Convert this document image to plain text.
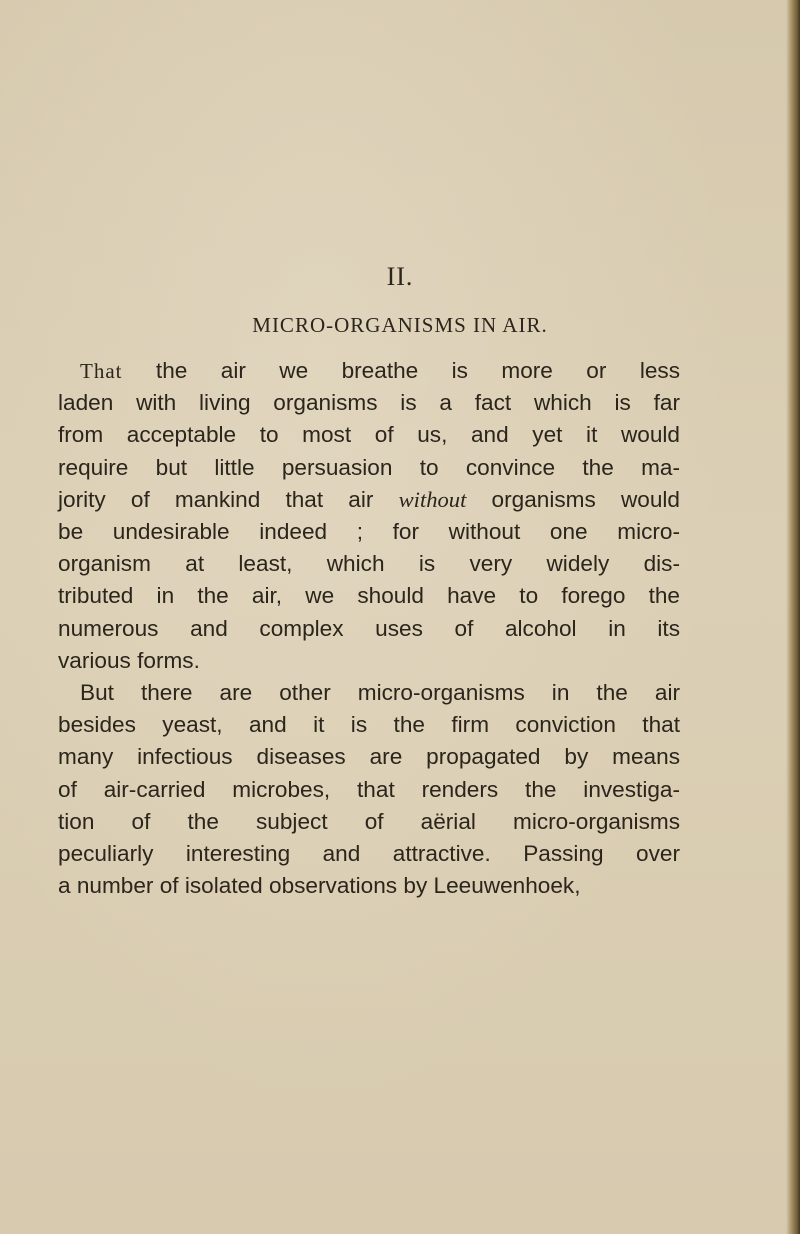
II.
MICRO-ORGANISMS IN AIR.
That the air we breathe is more or less
laden with living organisms is a fact which is far
from acceptable to most of us, and yet it would
require but little persuasion to convince the ma-
jority of mankind that air without organisms would
be undesirable indeed ; for without one micro-
organism at least, which is very widely dis-
tributed in the air, we should have to forego the
numerous and complex uses of alcohol in its
various forms.
But there are other micro-organisms in the air
besides yeast, and it is the firm conviction that
many infectious diseases are propagated by means
of air-carried microbes, that renders the investiga-
tion of the subject of aërial micro-organisms
peculiarly interesting and attractive. Passing over
a number of isolated observations by Leeuwenhoek,
